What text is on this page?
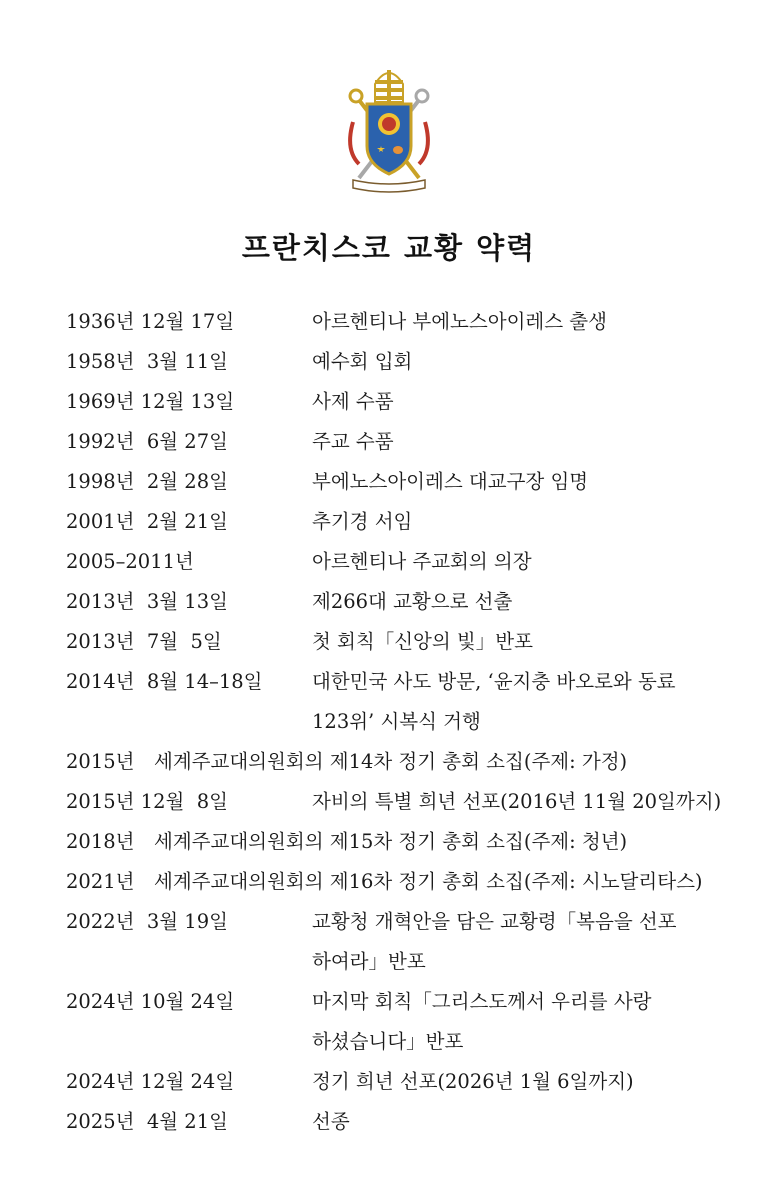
프란치스코 교황 약력
1936년 12월 17일	아르헨티나 부에노스아이레스 출생
1958년  3월 11일	예수회 입회
1969년 12월 13일	사제 수품
1992년  6월 27일	주교 수품
1998년  2월 28일	부에노스아이레스 대교구장 임명
2001년  2월 21일	추기경 서임
2005–2011년	아르헨티나 주교회의 의장
2013년  3월 13일	제266대 교황으로 선출
2013년  7월  5일	첫 회칙「신앙의 빛」반포
2014년  8월 14–18일	대한민국 사도 방문, ‘윤지충 바오로와 동료
123위’ 시복식 거행
2015년 세계주교대의원회의 제14차 정기 총회 소집(주제: 가정)
2015년 12월  8일	자비의 특별 희년 선포(2016년 11월 20일까지)
2018년 세계주교대의원회의 제15차 정기 총회 소집(주제: 청년)
2021년 세계주교대의원회의 제16차 정기 총회 소집(주제: 시노달리타스)
2022년  3월 19일	교황청 개혁안을 담은 교황령「복음을 선포
하여라」반포
2024년 10월 24일	마지막 회칙「그리스도께서 우리를 사랑
하셨습니다」반포
2024년 12월 24일	정기 희년 선포(2026년 1월 6일까지)
2025년  4월 21일	선종
